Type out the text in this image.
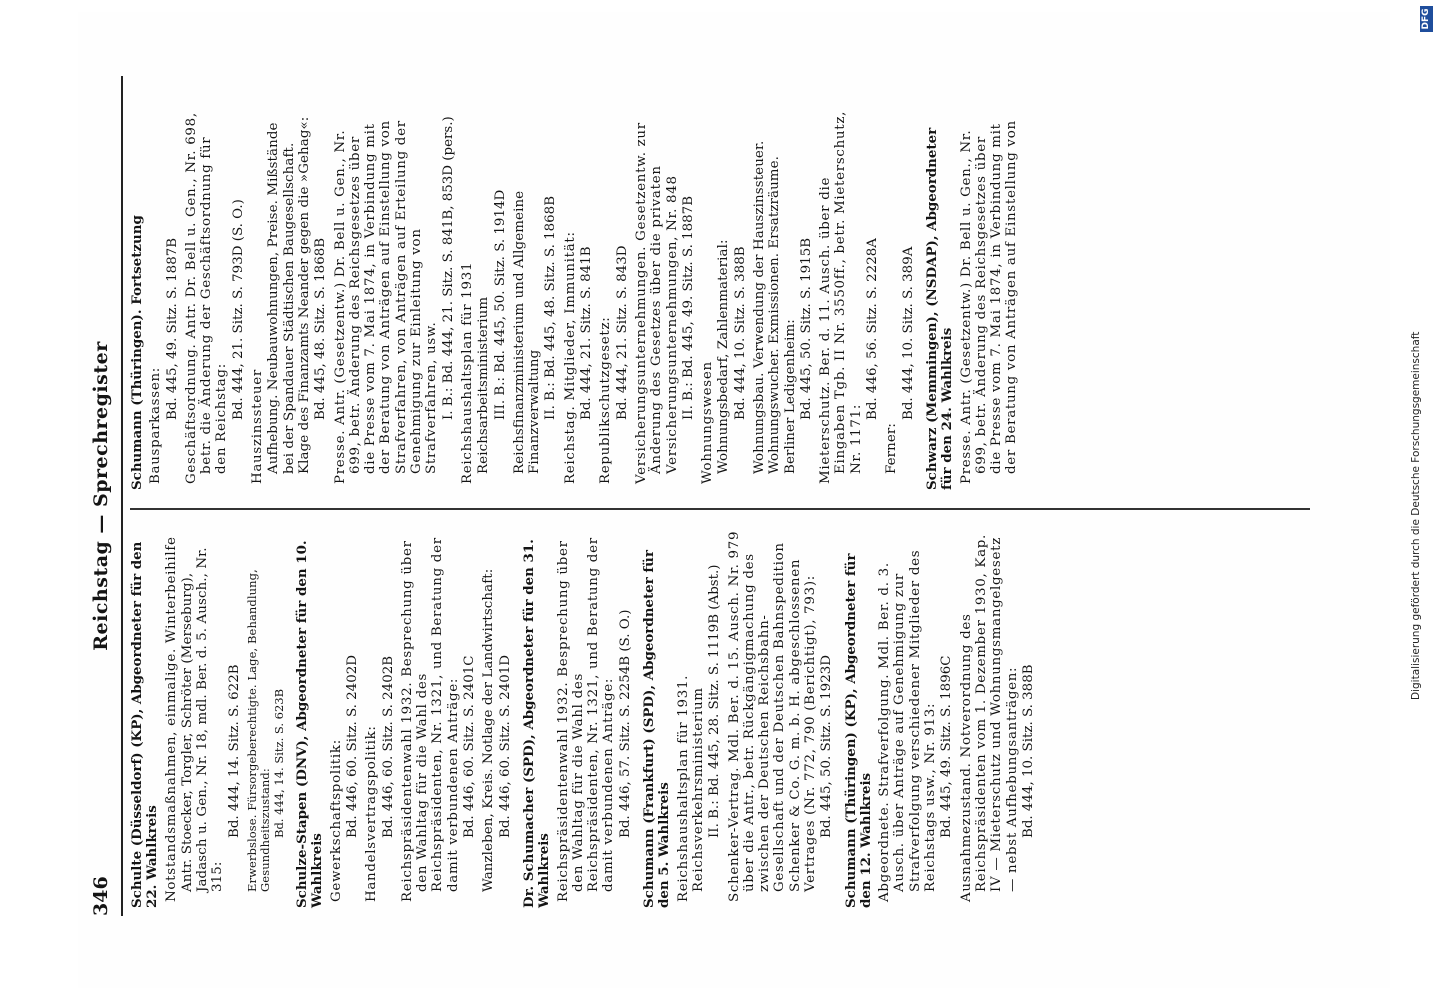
346
Reichstag — Sprechregister
Schulte (Düsseldorf) (KP), Abgeordneter für den 22. Wahlkreis Notstandsmaßnahmen, einmalige. Winterbeihilfe Antr. Stoecker, Torgler, Schröter (Merseburg), Jadasch u. Gen., Nr. 18, mdl. Ber. d. 5. Ausch., Nr. 315:
Bd. 444, 14. Sitz. S. 622B Erwerbslose. Fürsorgeberechtigte. Lage, Behandlung, Gesundheitszustand: Bd. 444, 14. Sitz. S. 623B Schulze-Stapen (DNV), Abgeordneter für den 10. Wahlkreis Gewerkschaftspolitik: Bd. 446, 60. Sitz. S. 2402D Handelsvertragspolitik: Bd. 446, 60. Sitz. S. 2402B Reichspräsidentenwahl 1932. Besprechung über den Wahltag für die Wahl des Reichspräsidenten, Nr. 1321, und Beratung der damit verbundenen Anträge: Bd. 446, 60. Sitz. S. 2401C Wanzleben, Kreis. Notlage der Landwirtschaft: Bd. 446, 60. Sitz. S. 2401D Dr. Schumacher (SPD), Abgeordneter für den 31. Wahlkreis Reichspräsidentenwahl 1932. Besprechung über den Wahltag für die Wahl des Reichspräsidenten, Nr. 1321, und Beratung der damit verbundenen Anträge: Bd. 446, 57. Sitz. S. 2254B (S. O.) Schumann (Frankfurt) (SPD), Abgeordneter für den 5. Wahlkreis Reichshaushaltsplan für 1931. Reichsverkehrsministerium II. B.: Bd. 445, 28. Sitz. S. 1119B (Abst.) Schenker-Vertrag. Mdl. Ber. d. 15. Ausch. Nr. 979 über die Antr., betr. Rückgängigmachung des zwischen der Deutschen Reichsbahn-Gesellschaft und der Deutschen Bahnspedition Schenker & Co. G. m. b. H. abgeschlossenen Vertrages (Nr. 772, 790 (Berichtigt), 793): Bd. 445, 50. Sitz. S. 1923D Schumann (Thüringen) (KP), Abgeordneter für den 12. Wahlkreis Abgeordnete. Strafverfolgung. Mdl. Ber. d. 3. Ausch. über Anträge auf Genehmigung zur Strafverfolgung verschiedener Mitglieder des Reichstags usw., Nr. 913: Bd. 445, 49. Sitz. S. 1896C Ausnahmezustand. Notverordnung des Reichspräsidenten vom 1. Dezember 1930, Kap. IV — Mieterschutz und Wohnungsmangelgesetz — nebst Aufhebungsanträgen: Bd. 444, 10. Sitz. S. 388B
Schumann (Thüringen). Fortsetzung Bausparkassen:
Bd. 445, 49. Sitz. S. 1887B Geschäftsordnung. Antr. Dr. Bell u. Gen., Nr. 698, betr. die Änderung der Geschäftsordnung für den Reichstag: Bd. 444, 21. Sitz. S. 793D (S. O.)
Hauszinssteuer Aufhebung. Neubauwohnungen, Preise. Mißstände bei der Spandauer Städtischen Baugesellschaft. Klage des Finanzamts Neander gegen die »Gehag«: Bd. 445, 48. Sitz. S. 1868B Presse. Antr. (Gesetzentw.) Dr. Bell u. Gen., Nr. 699, betr. Änderung des Reichsgesetzes über die Presse vom 7. Mai 1874, in Verbindung mit der Beratung von Anträgen auf Einstellung von Strafverfahren, von Anträgen auf Erteilung der Genehmigung zur Einleitung von Strafverfahren, usw. I. B.: Bd. 444, 21. Sitz. S. 841B, 853D (pers.) Reichshaushaltsplan für 1931 Reichsarbeitsministerium III. B.: Bd. 445, 50. Sitz. S. 1914D Reichsfinanzministerium und Allgemeine Finanzverwaltung II. B.: Bd. 445, 48. Sitz. S. 1868B Reichstag. Mitglieder, Immunität: Bd. 444, 21. Sitz. S. 841B Republikschutzgesetz: Bd. 444, 21. Sitz. S. 843D Versicherungsunternehmungen. Gesetzentw. zur Änderung des Gesetzes über die privaten Versicherungsunternehmungen, Nr. 848 II. B.: Bd. 445, 49. Sitz. S. 1887B
Wohnungswesen Wohnungsbedarf, Zahlenmaterial: Bd. 444, 10. Sitz. S. 388B Wohnungsbau. Verwendung der Hauszinssteuer. Wohnungswucher. Exmissionen. Ersatzräume. Berliner Ledigenheim: Bd. 445, 50. Sitz. S. 1915B Mieterschutz. Ber. d. 11. Ausch. über die Eingaben Tgb. II Nr. 3550ff., betr. Mieterschutz, Nr. 1171:
Bd. 446, 56. Sitz. S. 2228A
Ferner:
Bd. 444, 10. Sitz. S. 389A Schwarz (Memmingen), (NSDAP), Abgeordneter für den 24. Wahlkreis Presse. Antr. (Gesetzentw.) Dr. Bell u. Gen., Nr. 699, betr. Änderung des Reichsgesetzes über die Presse vom 7. Mai 1874, in Verbindung mit der Beratung von Anträgen auf Einstellung von
Digitalisierung gefördert durch die Deutsche Forschungsgemeinschaft
DFG
